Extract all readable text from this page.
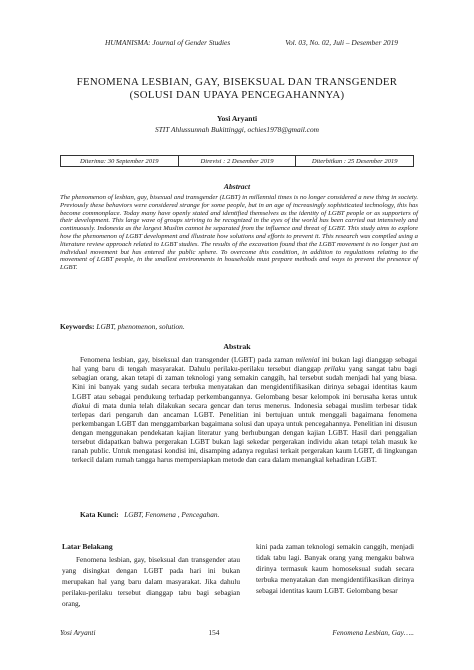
HUMANISMA: Journal of Gender Studies	Vol. 03, No. 02, Juli – Desember 2019
FENOMENA LESBIAN, GAY, BISEKSUAL DAN TRANSGENDER
(SOLUSI DAN UPAYA PENCEGAHANNYA)
Yosi Aryanti
STIT Ahlussunnah Bukittinggi, ochies1978@gmail.com
Diterima: 30 September 2019	Direvisi : 2 Desember 2019	Diterbitkan : 25 Desember 2019
Abstract
The phenomenon of lesbian, gay, bisexual and transgender (LGBT) in millennial times is no longer considered a new thing in society. Previously these behaviors were considered strange for some people, but in an age of increasingly sophisticated technology, this has become commonplace. Today many have openly stated and identified themselves as the identity of LGBT people or as supporters of their development. This large wave of groups striving to be recognized in the eyes of the world has been carried out intensively and continuously. Indonesia as the largest Muslim cannot be separated from the influence and threat of LGBT. This study aims to explore how the phenomenon of LGBT development and illustrate how solutions and efforts to prevent it. This research was compiled using a literature review approach related to LGBT studies. The results of the excavation found that the LGBT movement is no longer just an individual movement but has entered the public sphere. To overcome this condition, in addition to regulations relating to the movement of LGBT people, in the smallest environments in households must prepare methods and ways to prevent the presence of LGBT.
Keywords: LGBT, phenomenon, solution.
Abstrak
Fenomena lesbian, gay, biseksual dan transgender (LGBT) pada zaman milenial ini bukan lagi dianggap sebagai hal yang baru di tengah masyarakat. Dahulu perilaku-perilaku tersebut dianggap prilaku yang sangat tabu bagi sebagian orang, akan tetapi di zaman teknologi yang semakin canggih, hal tersebut sudah menjadi hal yang biasa. Kini ini banyak yang sudah secara terbuka menyatakan dan mengidentifikasikan dirinya sebagai identitas kaum LGBT atau sebagai pendukung terhadap perkembangannya. Gelombang besar kelompok ini berusaha keras untuk diakui di mata dunia telah dilakukan secara gencar dan terus menerus. Indonesia sebagai muslim terbesar tidak terlepas dari pengaruh dan ancaman LGBT. Penelitian ini bertujuan untuk menggali bagaimana fenomena perkembangan LGBT dan menggambarkan bagaimana solusi dan upaya untuk pencegahannya. Penelitian ini disusun dengan menggunakan pendekatan kajian literatur yang berhubungan dengan kajian LGBT. Hasil dari penggalian tersebut didapatkan bahwa pergerakan LGBT bukan lagi sekedar pergerakan individu akan tetapi telah masuk ke ranah public. Untuk mengatasi kondisi ini, disamping adanya regulasi terkait pergerakan kaum LGBT, di lingkungan terkecil dalam rumah tangga harus mempersiapkan metode dan cara dalam menangkal kehadiran LGBT.
Kata Kunci: LGBT, Fenomena , Pencegahan.
Latar Belakang

Fenomena lesbian, gay, biseksual dan transgender atau yang disingkat dengan LGBT pada hari ini bukan merupakan hal yang baru dalam masyarakat. Jika dahulu perilaku-perilaku tersebut dianggap tabu bagi sebagian orang,

kini pada zaman teknologi semakin canggih, menjadi tidak tabu lagi. Banyak orang yang mengaku bahwa dirinya termasuk kaum homoseksual sudah secara terbuka menyatakan dan mengidentifikasikan dirinya sebagai identitas kaum LGBT. Gelombang besar

Yosi Aryanti	154	Fenomena Lesbian, Gay…..
